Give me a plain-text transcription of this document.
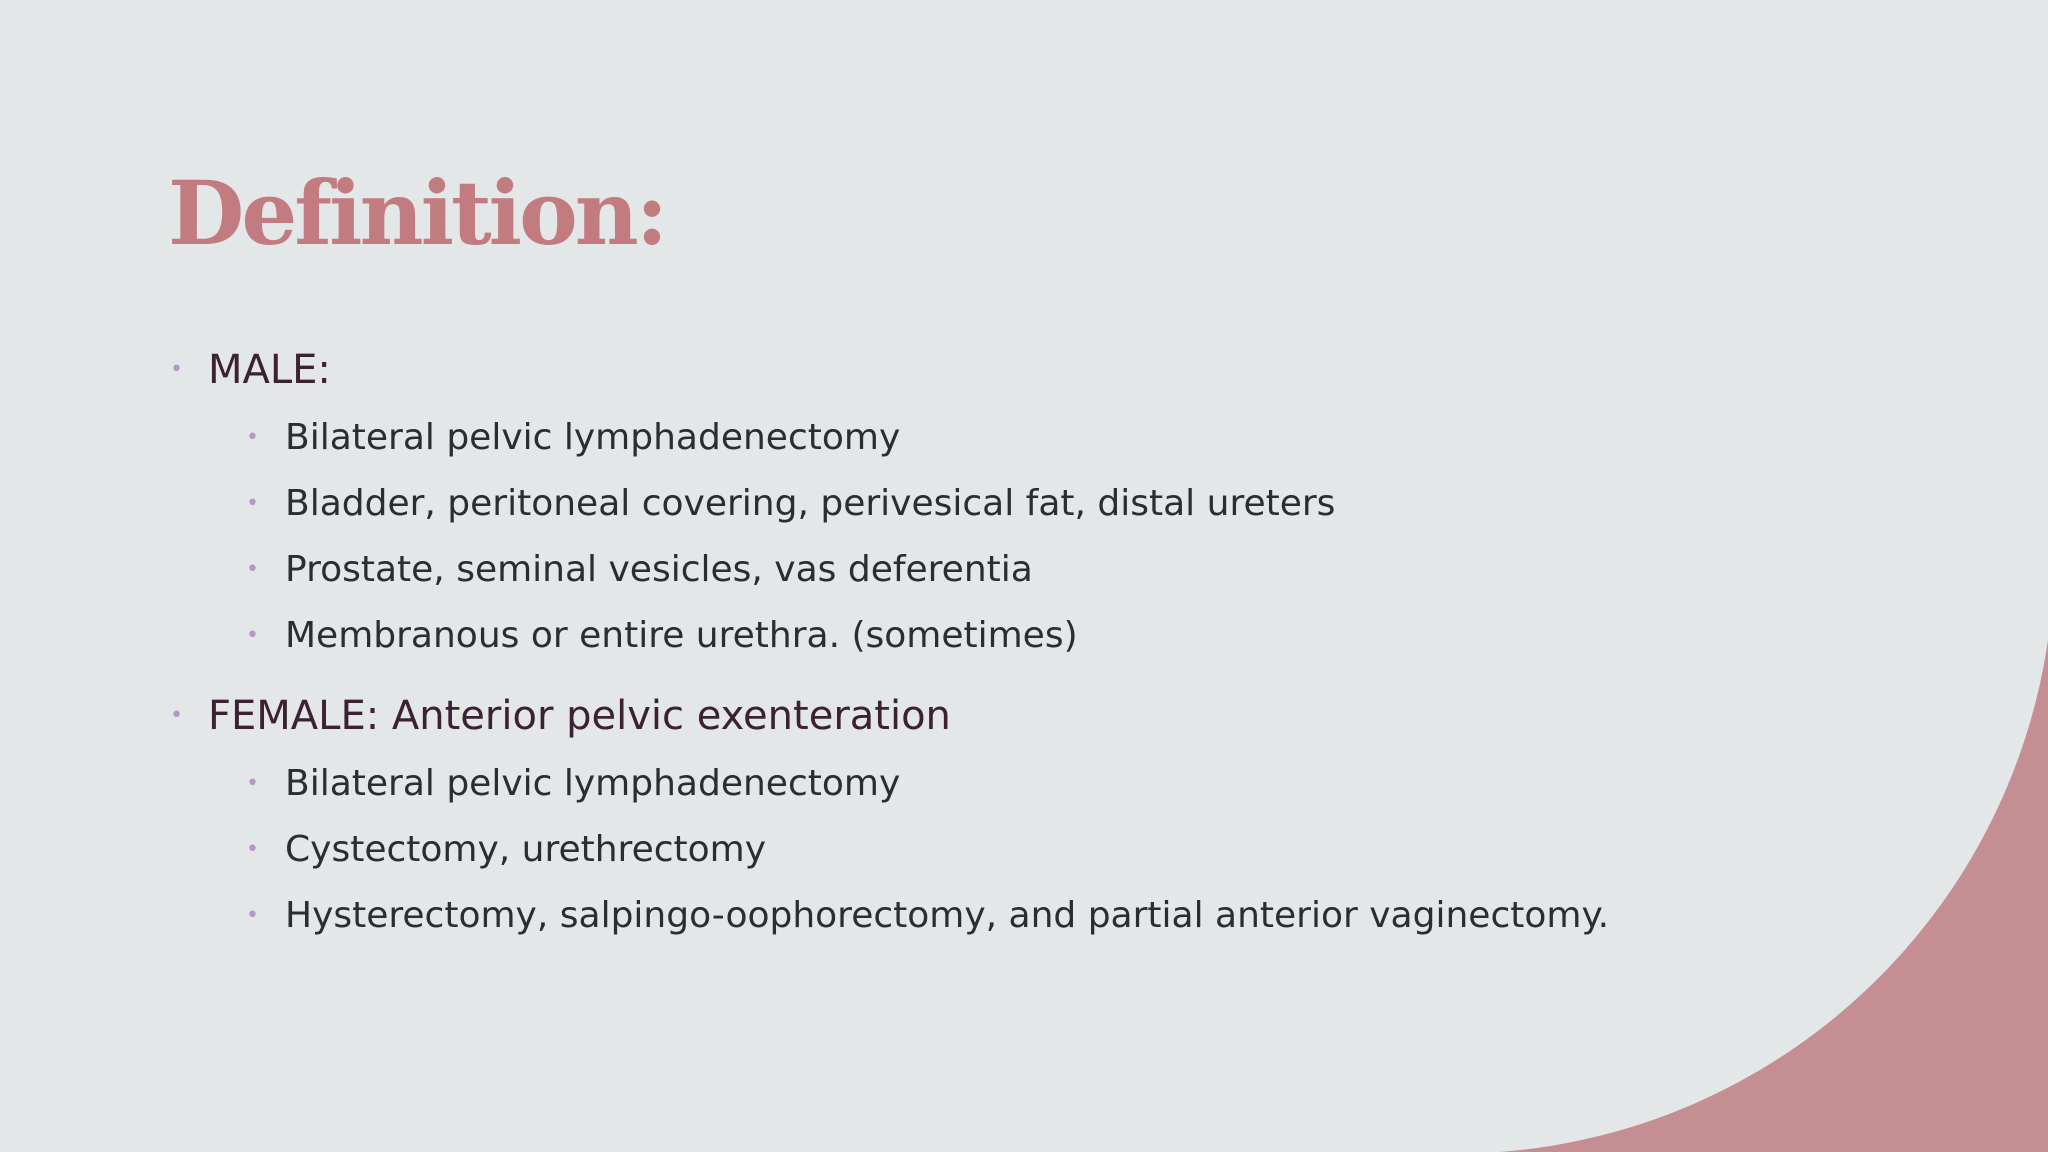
Definition:
• MALE:
• Bilateral pelvic lymphadenectomy
• Bladder, peritoneal covering, perivesical fat, distal ureters
• Prostate, seminal vesicles, vas deferentia
• Membranous or entire urethra. (sometimes)
• FEMALE: Anterior pelvic exenteration
• Bilateral pelvic lymphadenectomy
• Cystectomy, urethrectomy
• Hysterectomy, salpingo-oophorectomy, and partial anterior vaginectomy.
